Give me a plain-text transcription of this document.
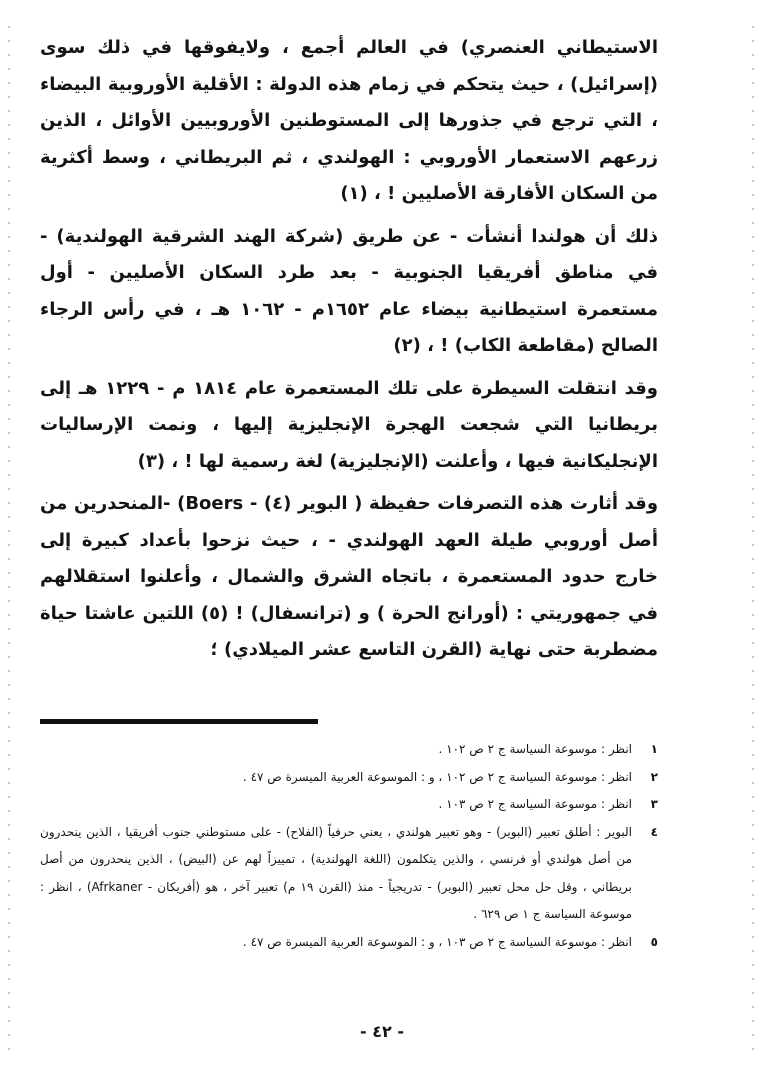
الاستيطاني العنصري) في العالم أجمع ، ولايفوقها في ذلك سوى (إسرائيل) ، حيث يتحكم في زمام هذه الدولة : الأقلية الأوروبية البيضاء ، التي ترجع في جذورها إلى المستوطنين الأوروبيين الأوائل ، الذين زرعهم الاستعمار الأوروبي : الهولندي ، ثم البريطاني ، وسط أكثرية من السكان الأفارقة الأصليين ! ، (١)

ذلك أن هولندا أنشأت - عن طريق (شركة الهند الشرقية الهولندية) - في مناطق أفريقيا الجنوبية - بعد طرد السكان الأصليين - أول مستعمرة استيطانية بيضاء عام ١٦٥٢م - ١٠٦٢ هـ ، في رأس الرجاء الصالح (مقاطعة الكاب) ! ، (٢)

وقد انتقلت السيطرة على تلك المستعمرة عام ١٨١٤ م - ١٢٢٩ هـ إلى بريطانيا التي شجعت الهجرة الإنجليزية إليها ، ونمت الإرساليات الإنجليكانية فيها ، وأعلنت (الإنجليزية) لغة رسمية لها ! ، (٣)

وقد أثارت هذه التصرفات حفيظة ( البوير (٤) - Boers) -المنحدرين من أصل أوروبي طيلة العهد الهولندي - ، حيث نزحوا بأعداد كبيرة إلى خارج حدود المستعمرة ، باتجاه الشرق والشمال ، وأعلنوا استقلالهم في جمهوريتي : (أورانج الحرة ) و (ترانسفال) ! (٥) اللتين عاشتا حياة مضطربة حتى نهاية (القرن التاسع عشر الميلادي) ؛

١
انظر : موسوعة السياسة ج ٢ ص ١٠٢ .
٢
انظر : موسوعة السياسة ج ٢ ص ١٠٢ ، و : الموسوعة العربية الميسرة ص ٤٧ .
٣
انظر : موسوعة السياسة ج ٢ ص ١٠٣ .
٤
البوير : أطلق تعبير (البوير) - وهو تعبير هولندي ، يعني حرفياً (الفلاح) - على مستوطني جنوب أفريقيا ، الذين ينحدرون من أصل هولندي أو فرنسي ، والذين يتكلمون (اللغة الهولندية) ، تمييزاً لهم عن (البيض) ، الذين ينحدرون من أصل بريطاني ، وقل حل محل تعبير (البوير) - تدريجياً - منذ (القرن ١٩ م) تعبير آخر ، هو (أفريكان - Afrkaner) ، انظر : موسوعة السياسة ج ١ ص ٦٢٩ .
٥
انظر : موسوعة السياسة ج ٢ ص ١٠٣ ، و : الموسوعة العربية الميسرة ص ٤٧ .
- ٤٢ -
